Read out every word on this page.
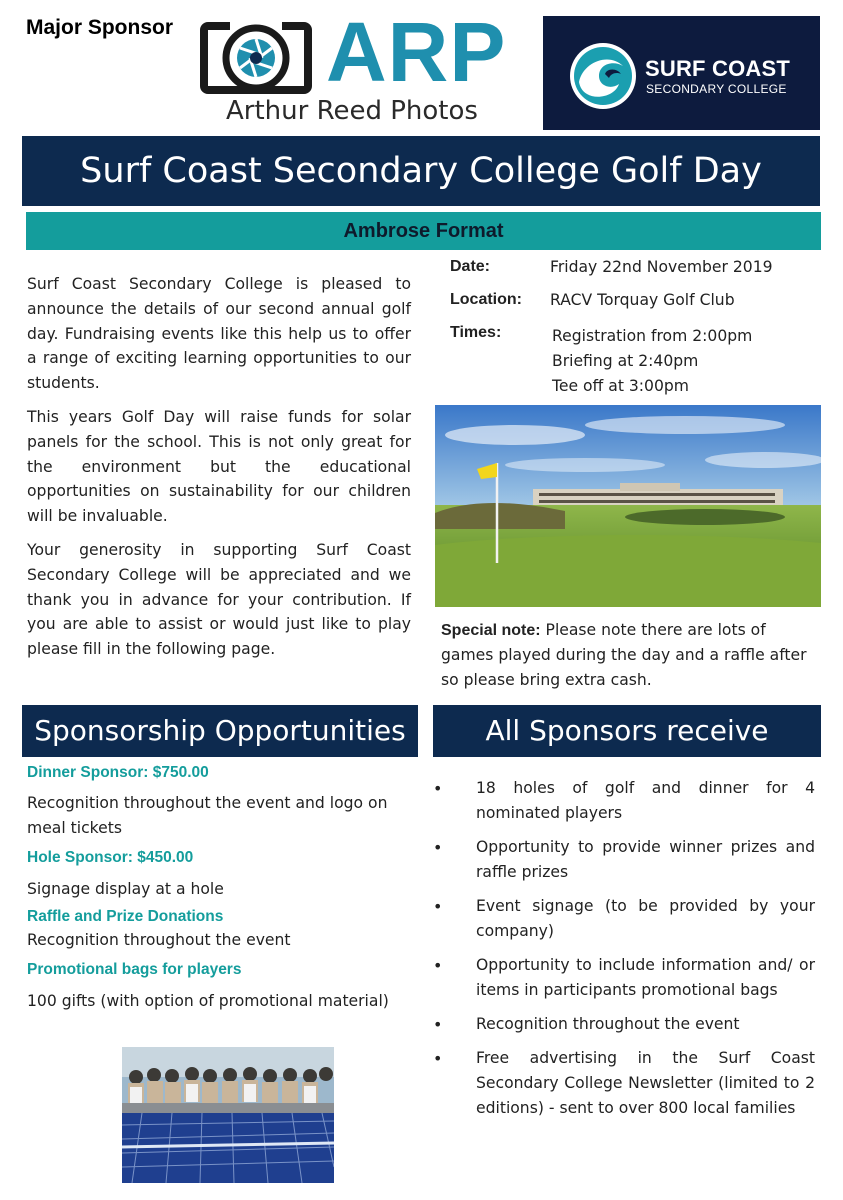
Major Sponsor ARP
Arthur Reed Photos
SURF COAST
SECONDARY COLLEGE
Surf Coast Secondary College Golf Day
Ambrose Format

Surf Coast Secondary College is pleased to announce the details of our second annual golf day. Fundraising events like this help us to offer a range of exciting learning opportunities to our students.

This years Golf Day will raise funds for solar panels for the school. This is not only great for the environment but the educational opportunities on sustainability for our children will be invaluable.

Your generosity in supporting Surf Coast Secondary College will be appreciated and we thank you in advance for your contribution. If you are able to assist or would just like to play please fill in the following page.

Date:	Friday 22nd November 2019
Location: RACV Torquay Golf Club
Times:	Registration from 2:00pm
Briefing at 2:40pm
Tee off at 3:00pm
Special note: Please note there are lots of games played during the day and a raffle after so please bring extra cash.
Sponsorship Opportunities	All Sponsors receive
Dinner Sponsor: $750.00
Recognition throughout the event and logo on meal tickets
Hole Sponsor: $450.00
Signage display at a hole
Raffle and Prize Donations
Recognition throughout the event
Promotional bags for players
100 gifts (with option of promotional material)
• 18 holes of golf and dinner for 4 nominated players
• Opportunity to provide winner prizes and raffle prizes
• Event signage (to be provided by your company)
• Opportunity to include information and/ or items in participants promotional bags
• Recognition throughout the event
• Free advertising in the Surf Coast Secondary College Newsletter (limited to 2 editions) - sent to over 800 local families
